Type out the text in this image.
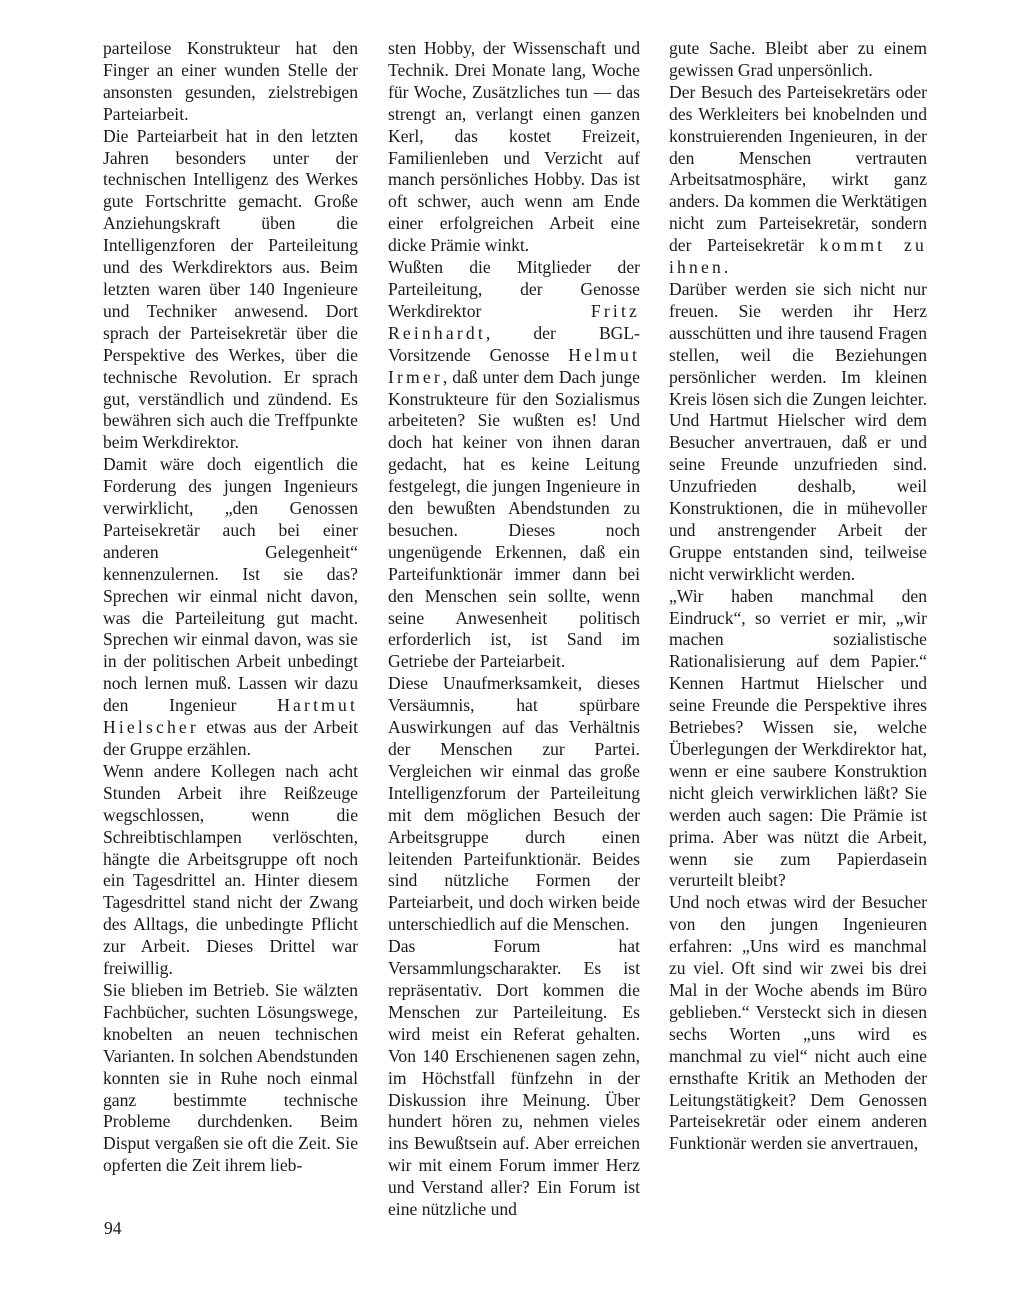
parteilose Konstrukteur hat den Finger an einer wunden Stelle der ansonsten gesunden, zielstrebigen Parteiarbeit.

Die Parteiarbeit hat in den letzten Jahren besonders unter der technischen Intelligenz des Werkes gute Fortschritte gemacht. Große Anziehungskraft üben die Intelligenzforen der Parteileitung und des Werkdirektors aus. Beim letzten waren über 140 Ingenieure und Techniker anwesend. Dort sprach der Parteisekretär über die Perspektive des Werkes, über die technische Revolution. Er sprach gut, verständlich und zündend. Es bewähren sich auch die Treffpunkte beim Werkdirektor.

Damit wäre doch eigentlich die Forderung des jungen Ingenieurs verwirklicht, „den Genossen Parteisekretär auch bei einer anderen Gelegenheit“ kennenzulernen. Ist sie das? Sprechen wir einmal nicht davon, was die Parteileitung gut macht. Sprechen wir einmal davon, was sie in der politischen Arbeit unbedingt noch lernen muß. Lassen wir dazu den Ingenieur Hartmut Hielscher etwas aus der Arbeit der Gruppe erzählen.

Wenn andere Kollegen nach acht Stunden Arbeit ihre Reißzeuge wegschlossen, wenn die Schreibtischlampen verlöschten, hängte die Arbeitsgruppe oft noch ein Tagesdrittel an. Hinter diesem Tagesdrittel stand nicht der Zwang des Alltags, die unbedingte Pflicht zur Arbeit. Dieses Drittel war freiwillig.

Sie blieben im Betrieb. Sie wälzten Fachbücher, suchten Lösungswege, knobelten an neuen technischen Varianten. In solchen Abendstunden konnten sie in Ruhe noch einmal ganz bestimmte technische Probleme durchdenken. Beim Disput vergaßen sie oft die Zeit. Sie opferten die Zeit ihrem lieb-

sten Hobby, der Wissenschaft und Technik. Drei Monate lang, Woche für Woche, Zusätzliches tun — das strengt an, verlangt einen ganzen Kerl, das kostet Freizeit, Familienleben und Verzicht auf manch persönliches Hobby. Das ist oft schwer, auch wenn am Ende einer erfolgreichen Arbeit eine dicke Prämie winkt.

Wußten die Mitglieder der Parteileitung, der Genosse Werkdirektor	Fritz Reinhardt, der BGL-Vorsitzende Genosse Helmut Irmer, daß unter dem Dach junge Konstrukteure für den Sozialismus arbeiteten? Sie wußten es! Und doch hat keiner von ihnen daran gedacht, hat es keine Leitung festgelegt, die jungen Ingenieure in den bewußten Abendstunden zu besuchen. Dieses noch ungenügende Erkennen, daß ein Parteifunktionär immer dann bei den Menschen sein sollte, wenn seine Anwesenheit politisch erforderlich ist, ist Sand im Getriebe der Parteiarbeit.

Diese Unaufmerksamkeit, dieses Versäumnis, hat spürbare Auswirkungen auf das Verhältnis der Menschen zur Partei. Vergleichen wir einmal das große Intelligenzforum der Parteileitung mit dem möglichen Besuch der Arbeitsgruppe durch einen leitenden Parteifunktionär. Beides sind nützliche Formen der Parteiarbeit, und doch wirken beide unterschiedlich auf die Menschen.

Das Forum hat Versammlungscharakter. Es ist repräsentativ. Dort kommen die Menschen zur Parteileitung. Es wird meist ein Referat gehalten. Von 140 Erschienenen sagen zehn, im Höchstfall fünfzehn in der Diskussion ihre Meinung. Über hundert hören zu, nehmen vieles ins Bewußtsein auf. Aber erreichen wir mit einem Forum immer Herz und Verstand aller? Ein Forum ist eine nützliche und

gute Sache. Bleibt aber zu einem gewissen Grad unpersönlich.

Der Besuch des Parteisekretärs oder des Werkleiters bei knobelnden und konstruierenden Ingenieuren, in der den Menschen vertrauten Arbeitsatmosphäre, wirkt ganz anders. Da kommen die Werktätigen nicht zum Parteisekretär, sondern der Parteisekretär kommt zu ihnen.

Darüber werden sie sich nicht nur freuen. Sie werden ihr Herz ausschütten und ihre tausend Fragen stellen, weil die Beziehungen persönlicher werden. Im kleinen Kreis lösen sich die Zungen leichter. Und Hartmut Hielscher wird dem Besucher anvertrauen, daß er und seine Freunde unzufrieden sind. Unzufrieden deshalb, weil Konstruktionen, die in mühevoller und anstrengender Arbeit der Gruppe entstanden sind, teilweise nicht verwirklicht werden.

„Wir haben manchmal den Eindruck“, so verriet er mir, „wir machen sozialistische Rationalisierung auf dem Papier.“ Kennen Hartmut Hielscher und seine Freunde die Perspektive ihres Betriebes? Wissen sie, welche Überlegungen der Werkdirektor hat, wenn er eine saubere Konstruktion nicht gleich verwirklichen läßt? Sie werden auch sagen: Die Prämie ist prima. Aber was nützt die Arbeit, wenn sie zum Papierdasein verurteilt bleibt?

Und noch etwas wird der Besucher von den jungen Ingenieuren erfahren: „Uns wird es manchmal zu viel. Oft sind wir zwei bis drei Mal in der Woche abends im Büro geblieben.“ Versteckt sich in diesen sechs Worten „uns wird es manchmal zu viel“ nicht auch eine ernsthafte Kritik an Methoden der Leitungstätigkeit? Dem Genossen Parteisekretär oder einem anderen Funktionär werden sie anvertrauen,

94
